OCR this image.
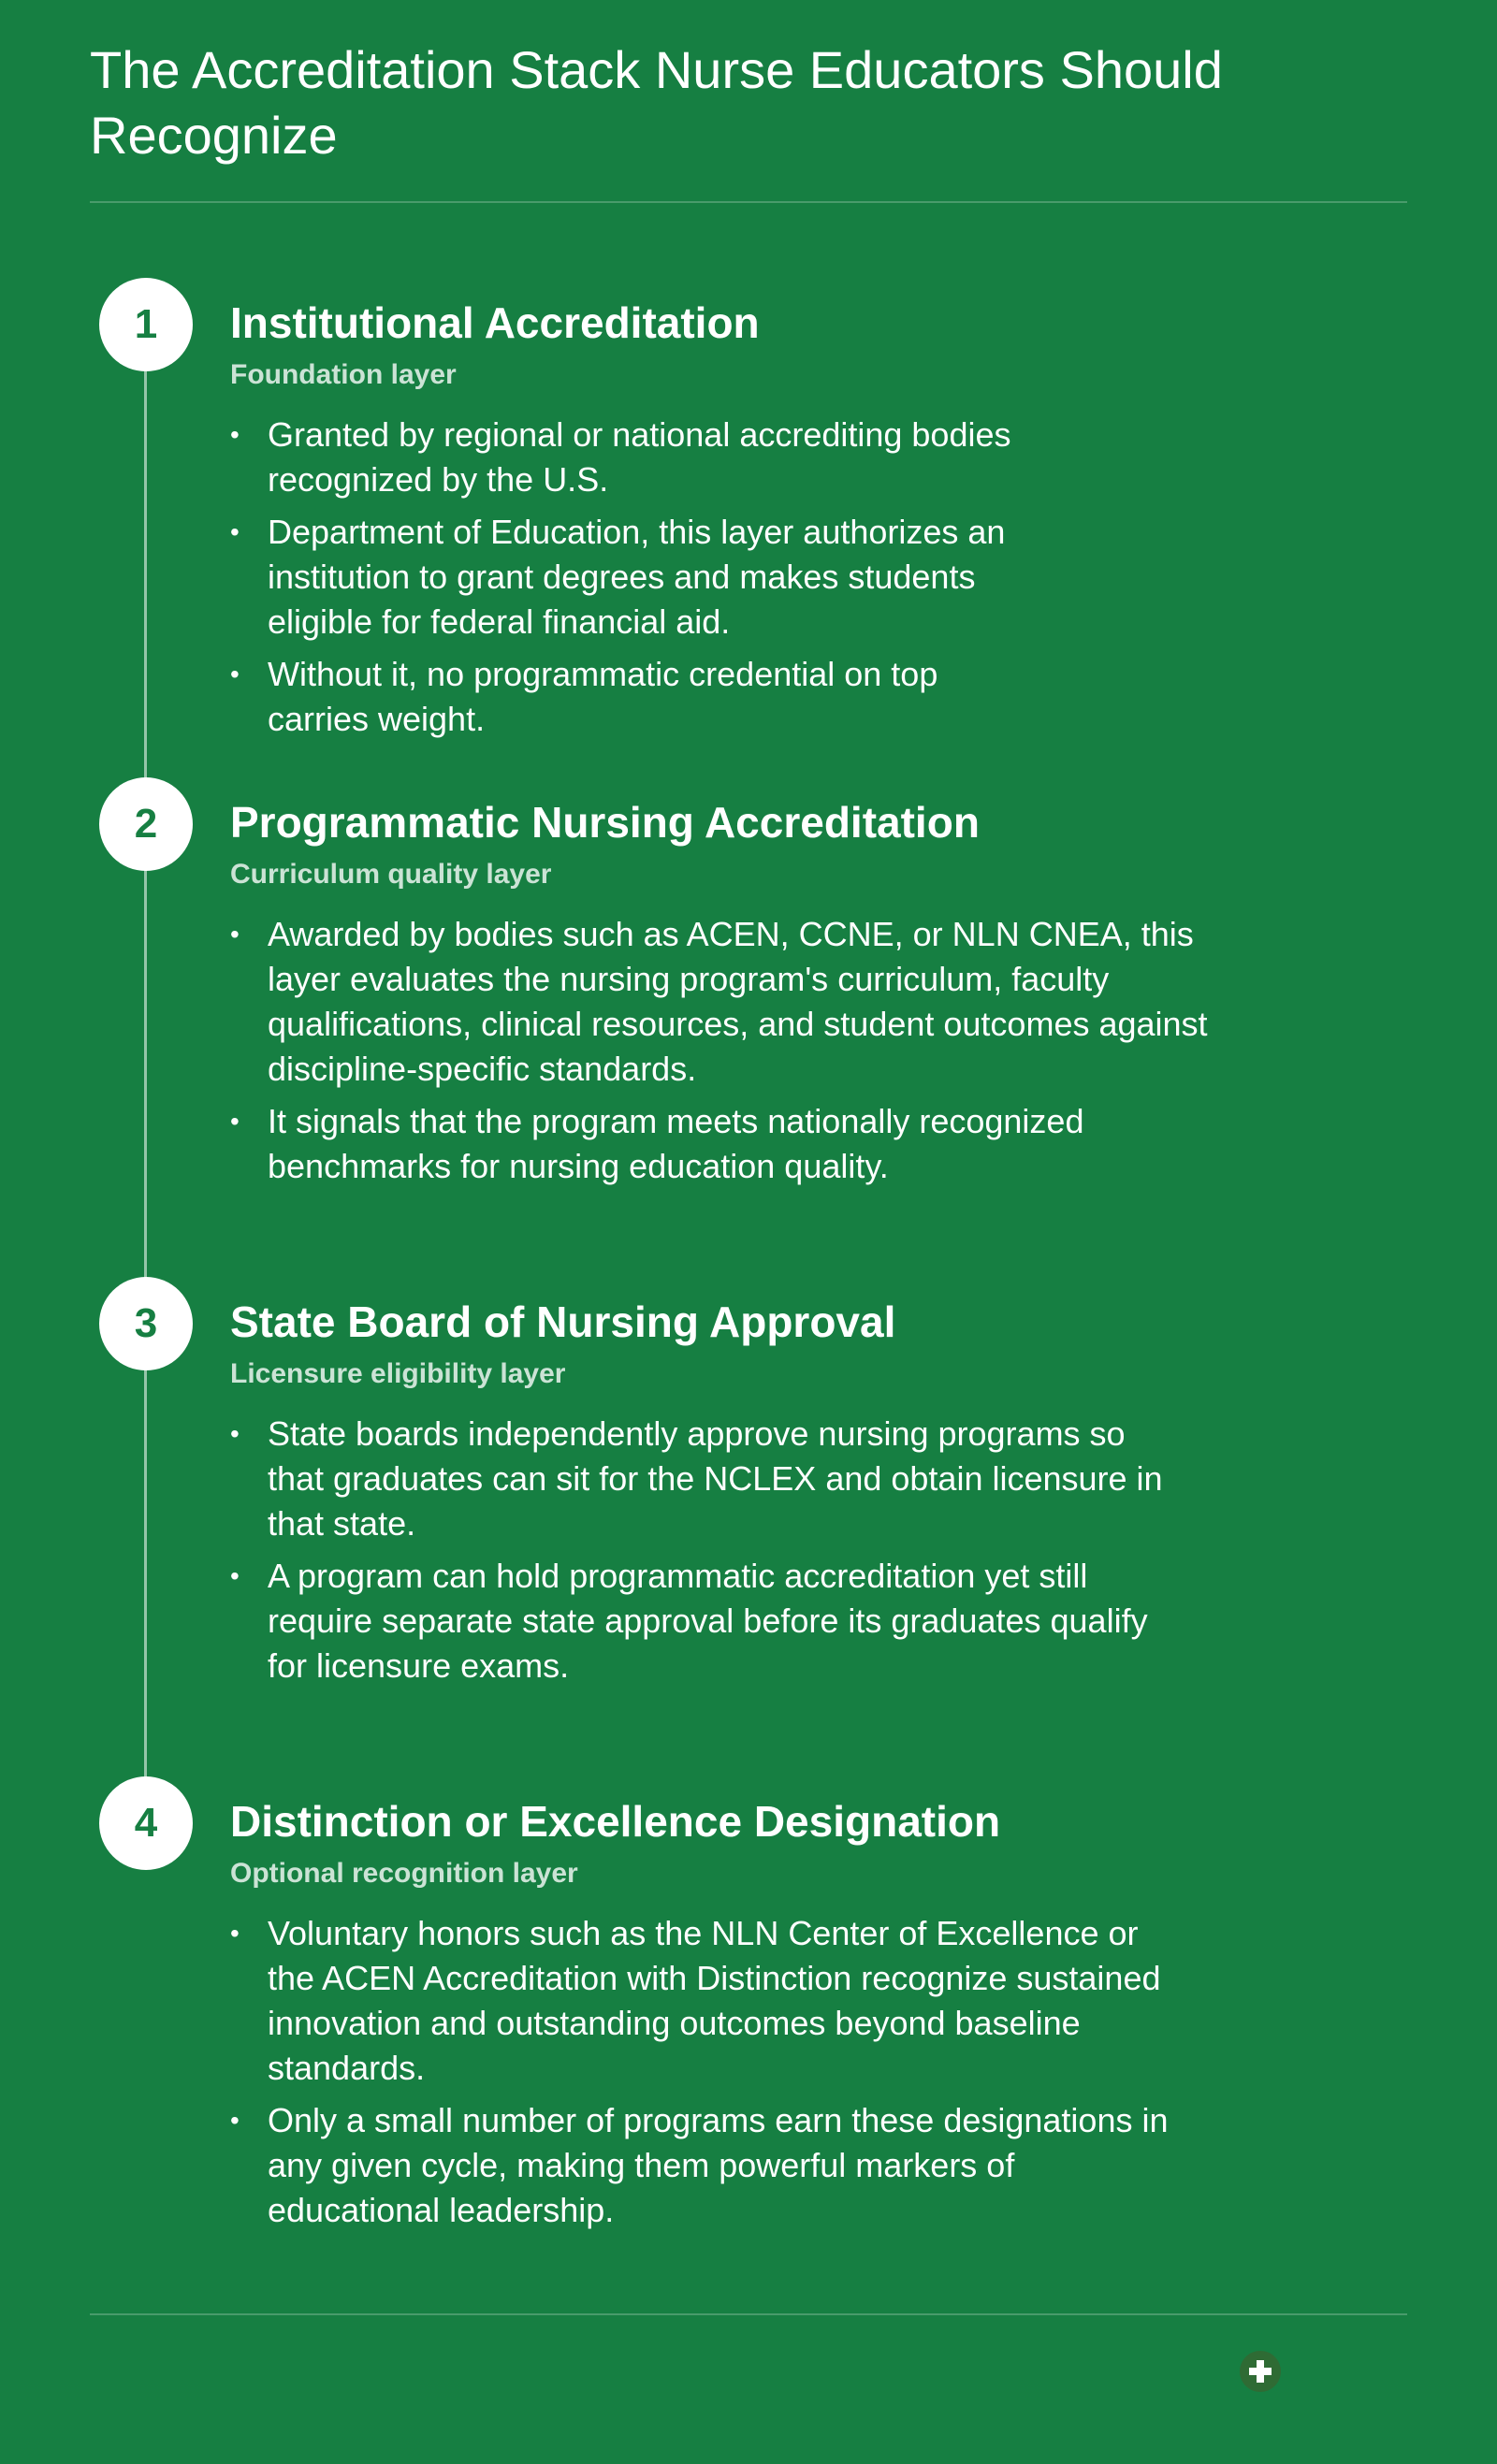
The Accreditation Stack Nurse Educators Should Recognize
1	Institutional Accreditation
Foundation layer
• Granted by regional or national accrediting bodies recognized by the U.S.
• Department of Education, this layer authorizes an institution to grant degrees and makes students eligible for federal financial aid.
• Without it, no programmatic credential on top carries weight.
2	Programmatic Nursing Accreditation
Curriculum quality layer
• Awarded by bodies such as ACEN, CCNE, or NLN CNEA, this layer evaluates the nursing program's curriculum, faculty qualifications, clinical resources, and student outcomes against discipline-specific standards.
• It signals that the program meets nationally recognized benchmarks for nursing education quality.
3	State Board of Nursing Approval
Licensure eligibility layer
• State boards independently approve nursing programs so that graduates can sit for the NCLEX and obtain licensure in that state.
• A program can hold programmatic accreditation yet still require separate state approval before its graduates qualify for licensure exams.
4	Distinction or Excellence Designation
Optional recognition layer
• Voluntary honors such as the NLN Center of Excellence or the ACEN Accreditation with Distinction recognize sustained innovation and outstanding outcomes beyond baseline standards.
• Only a small number of programs earn these designations in any given cycle, making them powerful markers of educational leadership.
